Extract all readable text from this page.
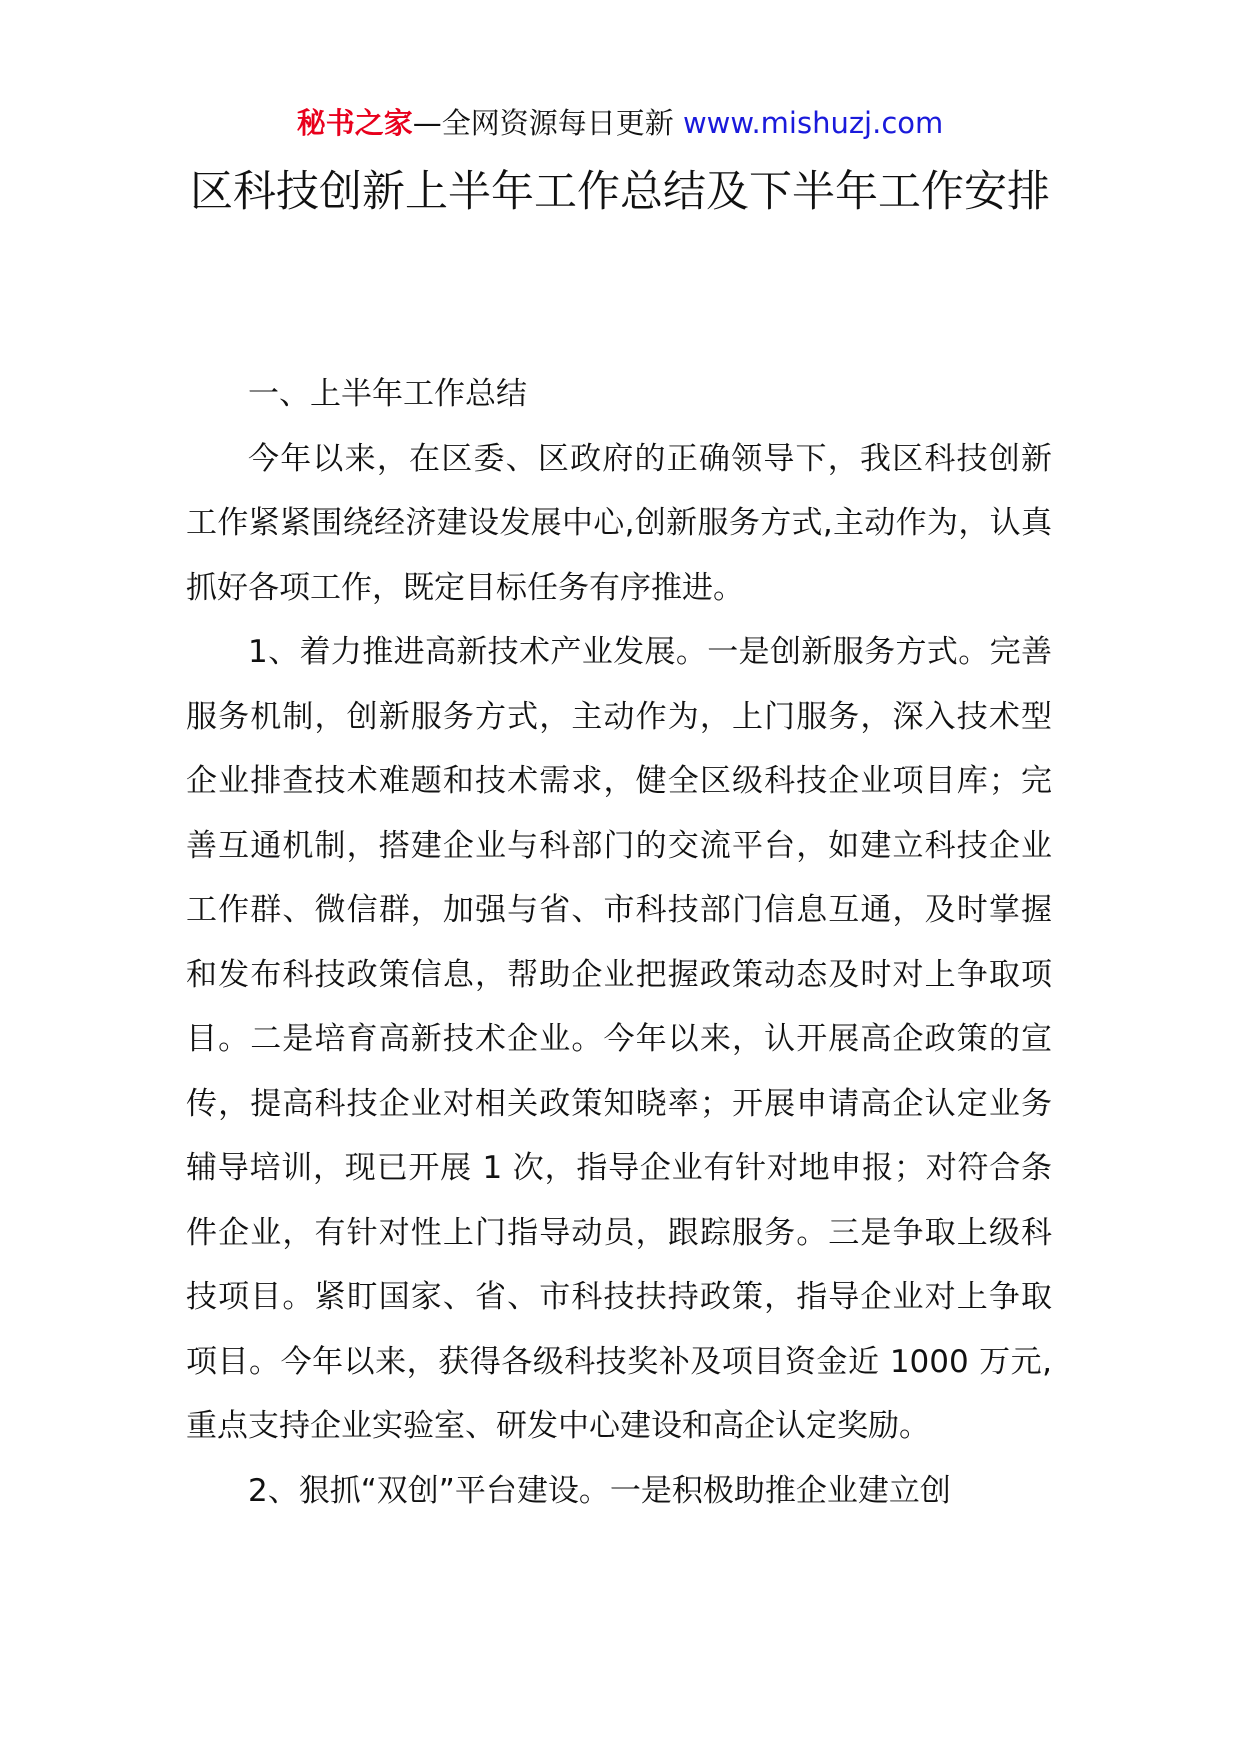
秘书之家—全网资源每日更新 www.mishuzj.com
区科技创新上半年工作总结及下半年工作安排

一、上半年工作总结

今年以来，在区委、区政府的正确领导下，我区科技创新工作紧紧围绕经济建设发展中心,创新服务方式,主动作为，认真抓好各项工作，既定目标任务有序推进。

1、着力推进高新技术产业发展。一是创新服务方式。完善服务机制，创新服务方式，主动作为，上门服务，深入技术型企业排查技术难题和技术需求，健全区级科技企业项目库；完善互通机制，搭建企业与科部门的交流平台，如建立科技企业工作群、微信群，加强与省、市科技部门信息互通，及时掌握和发布科技政策信息，帮助企业把握政策动态及时对上争取项目。二是培育高新技术企业。今年以来，认开展高企政策的宣传，提高科技企业对相关政策知晓率；开展申请高企认定业务辅导培训，现已开展 1 次，指导企业有针对地申报；对符合条件企业，有针对性上门指导动员，跟踪服务。三是争取上级科技项目。紧盯国家、省、市科技扶持政策，指导企业对上争取项目。今年以来，获得各级科技奖补及项目资金近 1000 万元,重点支持企业实验室、研发中心建设和高企认定奖励。

2、狠抓“双创”平台建设。一是积极助推企业建立创
